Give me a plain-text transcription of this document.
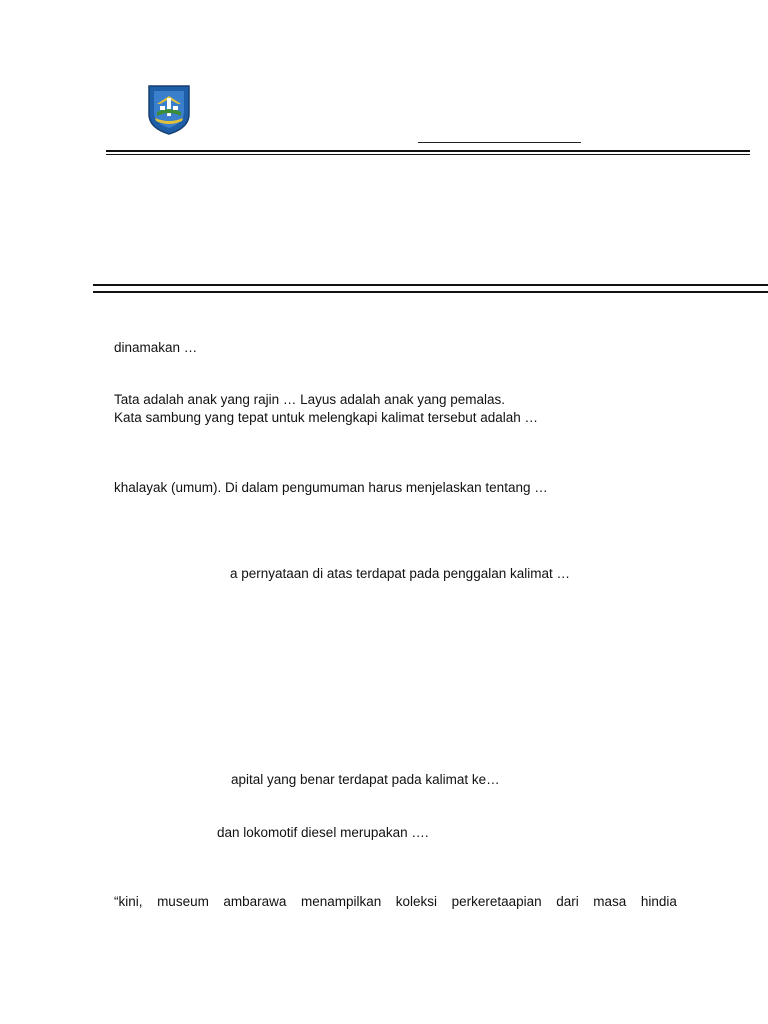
dinamakan …
Tata adalah anak yang rajin … Layus adalah anak yang pemalas.
Kata sambung yang tepat untuk melengkapi kalimat tersebut adalah …
khalayak (umum). Di dalam pengumuman harus menjelaskan tentang …
a pernyataan di atas terdapat pada penggalan kalimat …
apital yang benar terdapat pada kalimat ke…
dan lokomotif diesel merupakan ….
“kini, museum ambarawa menampilkan koleksi perkeretaapian dari masa hindia
